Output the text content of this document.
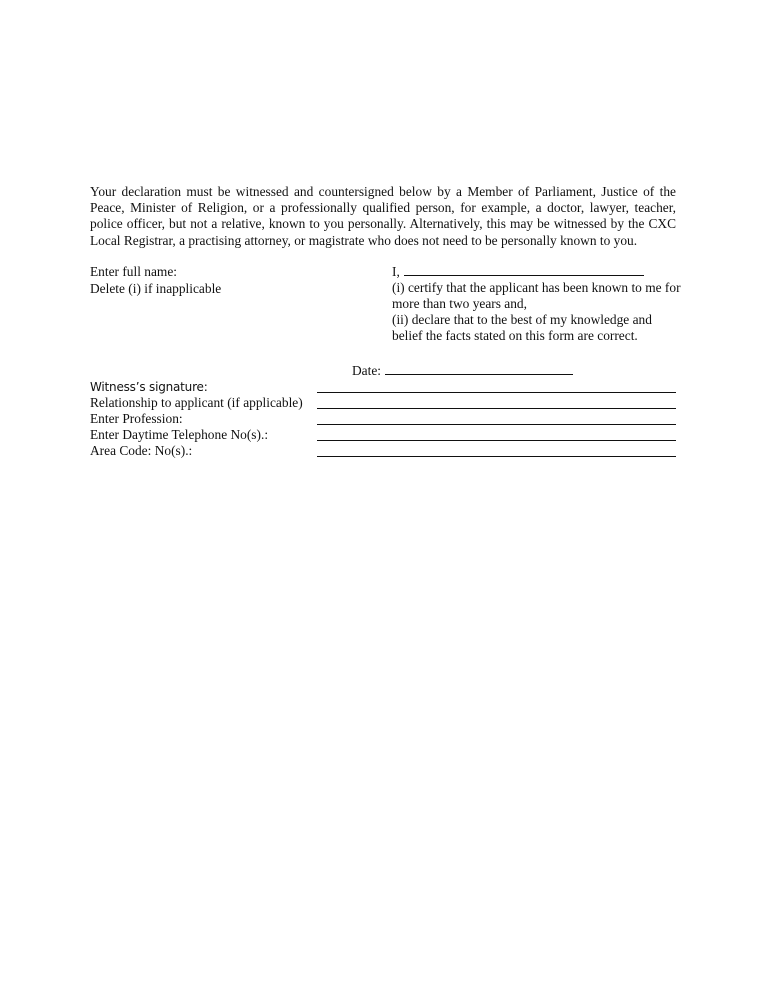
Your declaration must be witnessed and countersigned below by a Member of Parliament, Justice of the Peace, Minister of Religion, or a professionally qualified person, for example, a doctor, lawyer, teacher, police officer, but not a relative, known to you personally. Alternatively, this may be witnessed by the CXC Local Registrar, a practising attorney, or magistrate who does not need to be personally known to you.

Enter full name:
Delete (i) if inapplicable
I,
(i) certify that the applicant has been known to me for more than two years and,
(ii) declare that to the best of my knowledge and belief the facts stated on this form are correct.
Date:
Witness’s signature:
Relationship to applicant (if applicable)
Enter Profession:
Enter Daytime Telephone No(s).:
Area Code: No(s).:
